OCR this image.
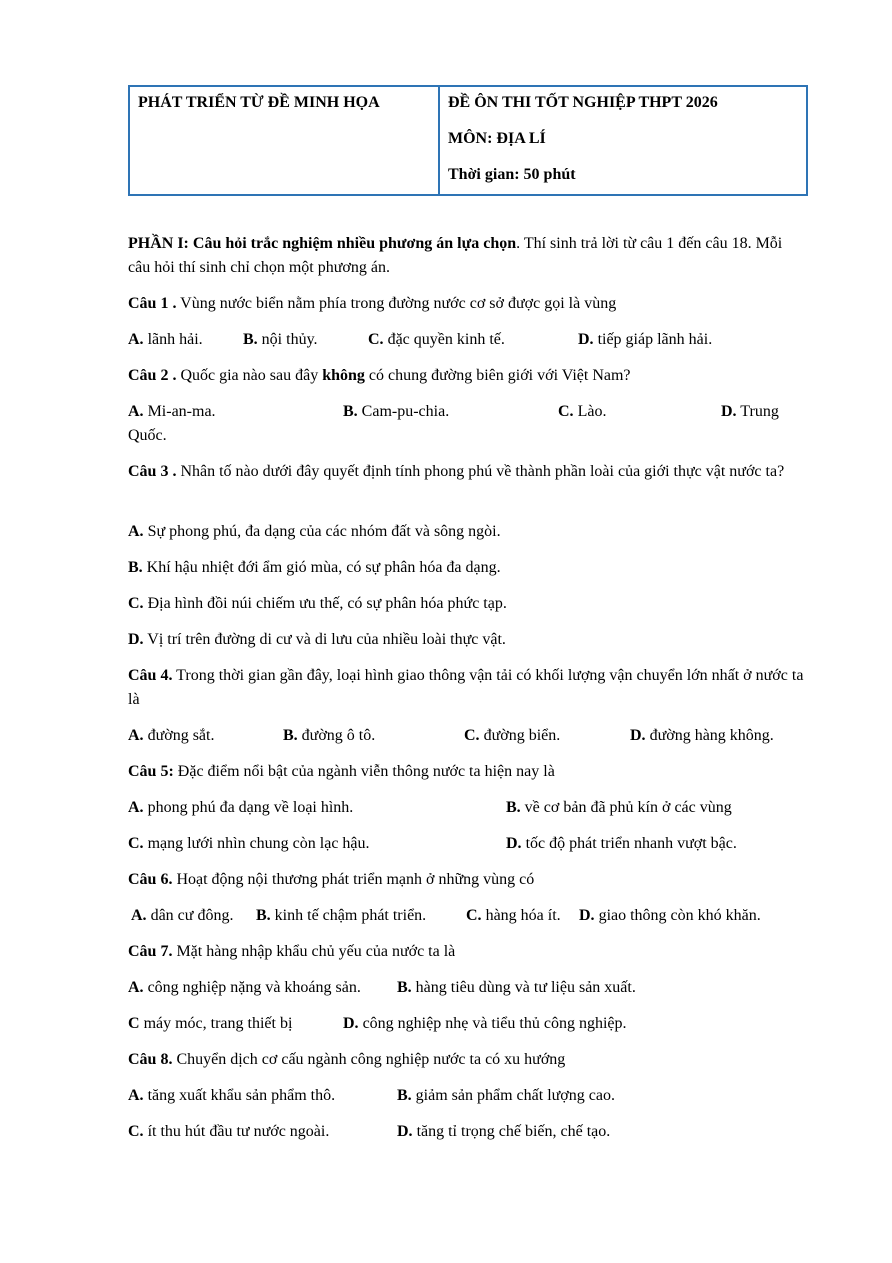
PHÁT TRIỂN TỪ ĐỀ MINH HỌA	ĐỀ ÔN THI TỐT NGHIỆP THPT 2026
MÔN: ĐỊA LÍ
Thời gian: 50 phút
PHẦN I: Câu hỏi trắc nghiệm nhiều phương án lựa chọn. Thí sinh trả lời từ câu 1 đến câu 18. Mỗi câu hỏi thí sinh chỉ chọn một phương án.
Câu 1 . Vùng nước biển nằm phía trong đường nước cơ sở được gọi là vùng
A. lãnh hải.	B. nội thủy.	C. đặc quyền kinh tế.	D. tiếp giáp lãnh hải.
Câu 2 . Quốc gia nào sau đây không có chung đường biên giới với Việt Nam?
A. Mi-an-ma.	B. Cam-pu-chia.	C. Lào.	D. Trung
Quốc.
Câu 3 . Nhân tố nào dưới đây quyết định tính phong phú về thành phần loài của giới thực vật nước ta?
A. Sự phong phú, đa dạng của các nhóm đất và sông ngòi.
B. Khí hậu nhiệt đới ẩm gió mùa, có sự phân hóa đa dạng.
C. Địa hình đồi núi chiếm ưu thế, có sự phân hóa phức tạp.
D. Vị trí trên đường di cư và di lưu của nhiều loài thực vật.
Câu 4. Trong thời gian gần đây, loại hình giao thông vận tải có khối lượng vận chuyển lớn nhất ở nước ta là
A. đường sắt.	B. đường ô tô.	C. đường biển.	D. đường hàng không.
Câu 5: Đặc điểm nổi bật của ngành viễn thông nước ta hiện nay là
A. phong phú đa dạng về loại hình.	B. về cơ bản đã phủ kín ở các vùng
C. mạng lưới nhìn chung còn lạc hậu.	D. tốc độ phát triển nhanh vượt bậc.
Câu 6. Hoạt động nội thương phát triển mạnh ở những vùng có
A. dân cư đông. B. kinh tế chậm phát triển. C. hàng hóa ít. D. giao thông còn khó khăn.
Câu 7. Mặt hàng nhập khẩu chủ yếu của nước ta là
A. công nghiệp nặng và khoáng sản. B. hàng tiêu dùng và tư liệu sản xuất.
C máy móc, trang thiết bị	D. công nghiệp nhẹ và tiểu thủ công nghiệp.
Câu 8. Chuyển dịch cơ cấu ngành công nghiệp nước ta có xu hướng
A. tăng xuất khẩu sản phẩm thô.	B. giảm sản phẩm chất lượng cao.
C. ít thu hút đầu tư nước ngoài.	D. tăng tỉ trọng chế biến, chế tạo.
